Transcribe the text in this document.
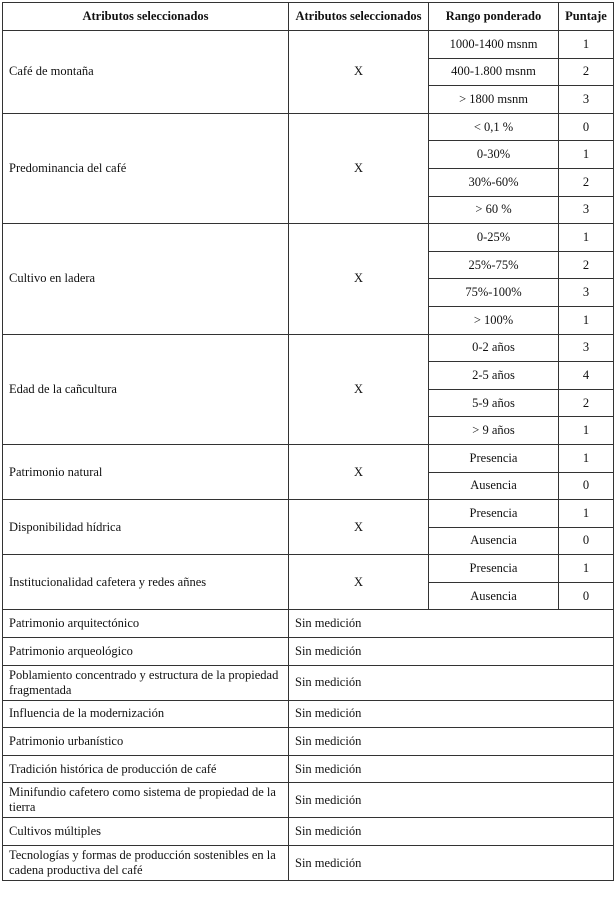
Atributos seleccionados	Atributos seleccionados	Rango ponderado	Puntaje
Café de montaña	X	1000-1400 msnm	1
		400-1.800 msnm	2
		> 1800 msnm	3
Predominancia del café	X	< 0,1 %	0
		0-30%	1
		30%-60%	2
		> 60 %	3
Cultivo en ladera	X	0-25%	1
		25%-75%	2
		75%-100%	3
		> 100%	1
Edad de la cañcultura	X	0-2 años	3
		2-5 años	4
		5-9 años	2
		> 9 años	1
Patrimonio natural	X	Presencia	1
		Ausencia	0
Disponibilidad hídrica	X	Presencia	1
		Ausencia	0
Institucionalidad cafetera y redes añnes	X	Presencia	1
		Ausencia	0
Patrimonio arquitectónico	Sin medición		
Patrimonio arqueológico	Sin medición		
Poblamiento concentrado y estructura de la propiedad fragmentada	Sin medición		
Influencia de la modernización	Sin medición		
Patrimonio urbanístico	Sin medición		
Tradición histórica de producción de café	Sin medición		
Minifundio cafetero como sistema de propiedad de la tierra	Sin medición		
Cultivos múltiples	Sin medición		
Tecnologías y formas de producción sostenibles en la cadena productiva del café	Sin medición		
